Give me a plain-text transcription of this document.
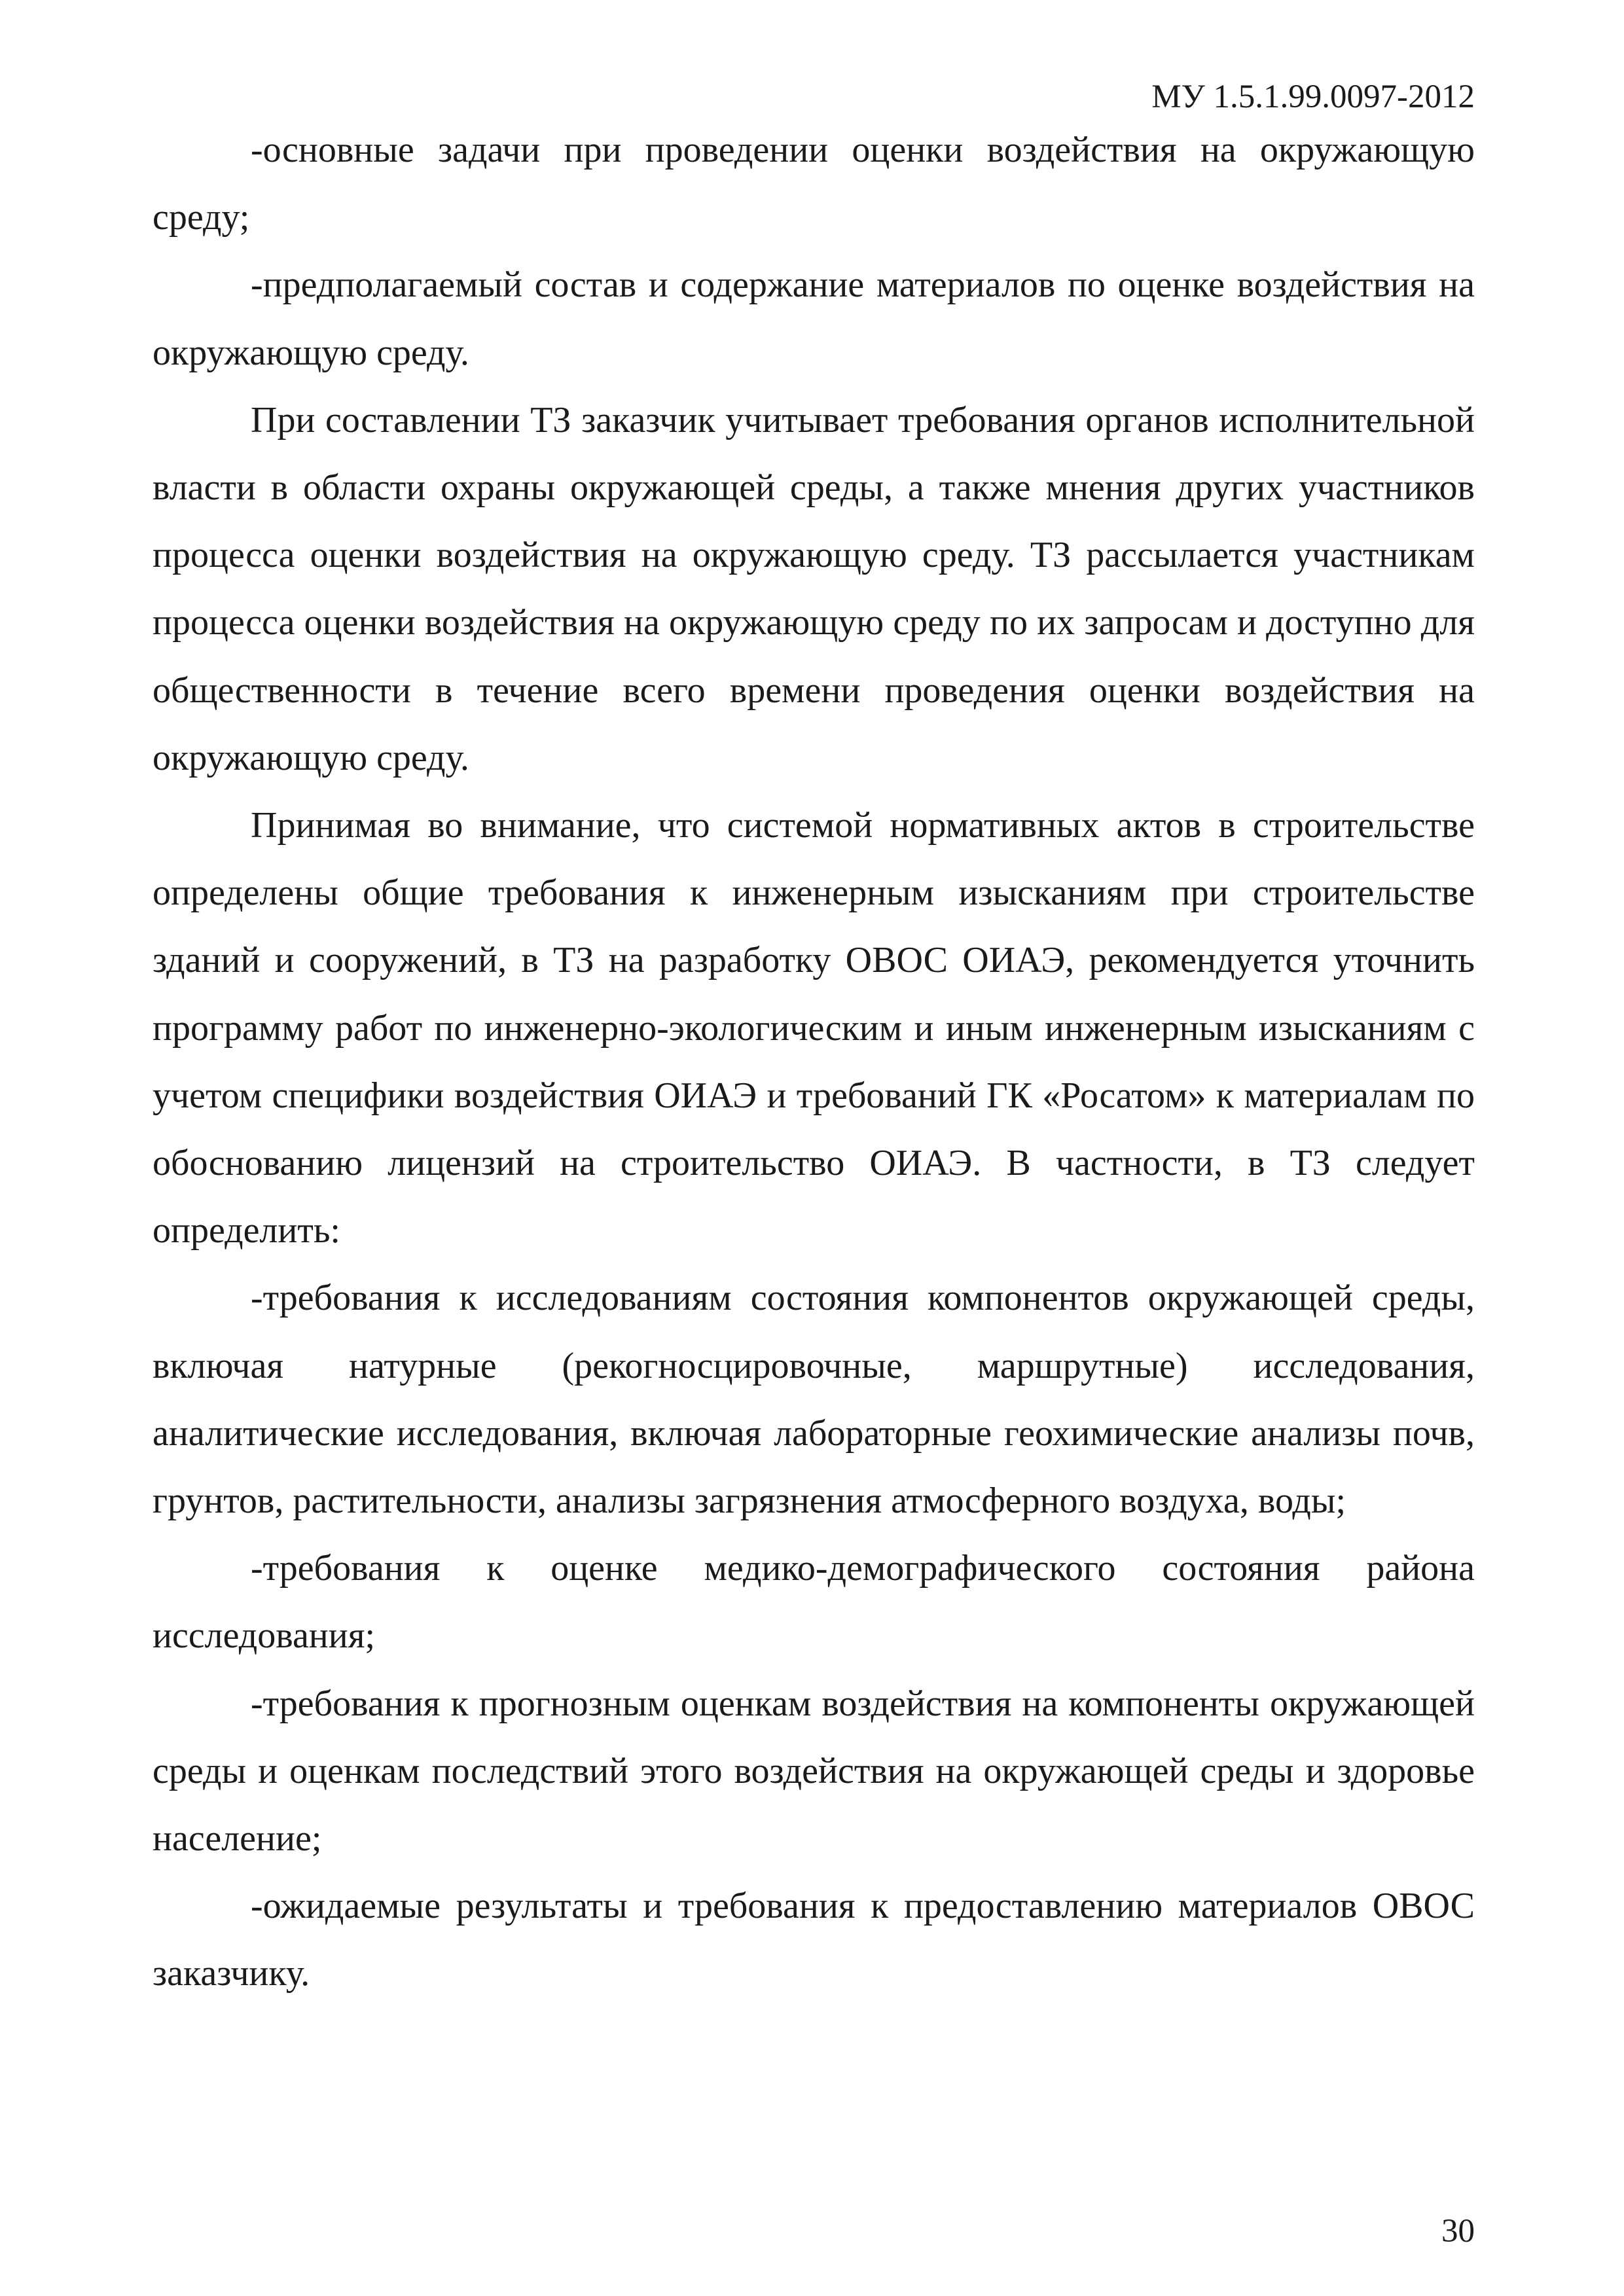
МУ 1.5.1.99.0097-2012

-основные задачи при проведении оценки воздействия на окружающую среду;

-предполагаемый состав и содержание материалов по оценке воздействия на окружающую среду.

При составлении ТЗ заказчик учитывает требования органов исполнительной власти в области охраны окружающей среды, а также мнения других участников процесса оценки воздействия на окружающую среду. ТЗ рассылается участникам процесса оценки воздействия на окружающую среду по их запросам и доступно для общественности в течение всего времени проведения оценки воздействия на окружающую среду.

Принимая во внимание, что системой нормативных актов в строительстве определены общие требования к инженерным изысканиям при строительстве зданий и сооружений, в ТЗ на разработку ОВОС ОИАЭ, рекомендуется уточнить программу работ по инженерно-экологическим и иным инженерным изысканиям с учетом специфики воздействия ОИАЭ и требований ГК «Росатом» к материалам по обоснованию лицензий на строительство ОИАЭ. В частности, в ТЗ следует определить:

-требования к исследованиям состояния компонентов окружающей среды, включая натурные (рекогносцировочные, маршрутные) исследования, аналитические исследования, включая лабораторные геохимические анализы почв, грунтов, растительности, анализы загрязнения атмосферного воздуха, воды;

-требования к оценке медико-демографического состояния района исследования;

-требования к прогнозным оценкам воздействия на компоненты окружающей среды и оценкам последствий этого воздействия на окружающей среды и здоровье население;

-ожидаемые результаты и требования к предоставлению материалов ОВОС заказчику.

30
